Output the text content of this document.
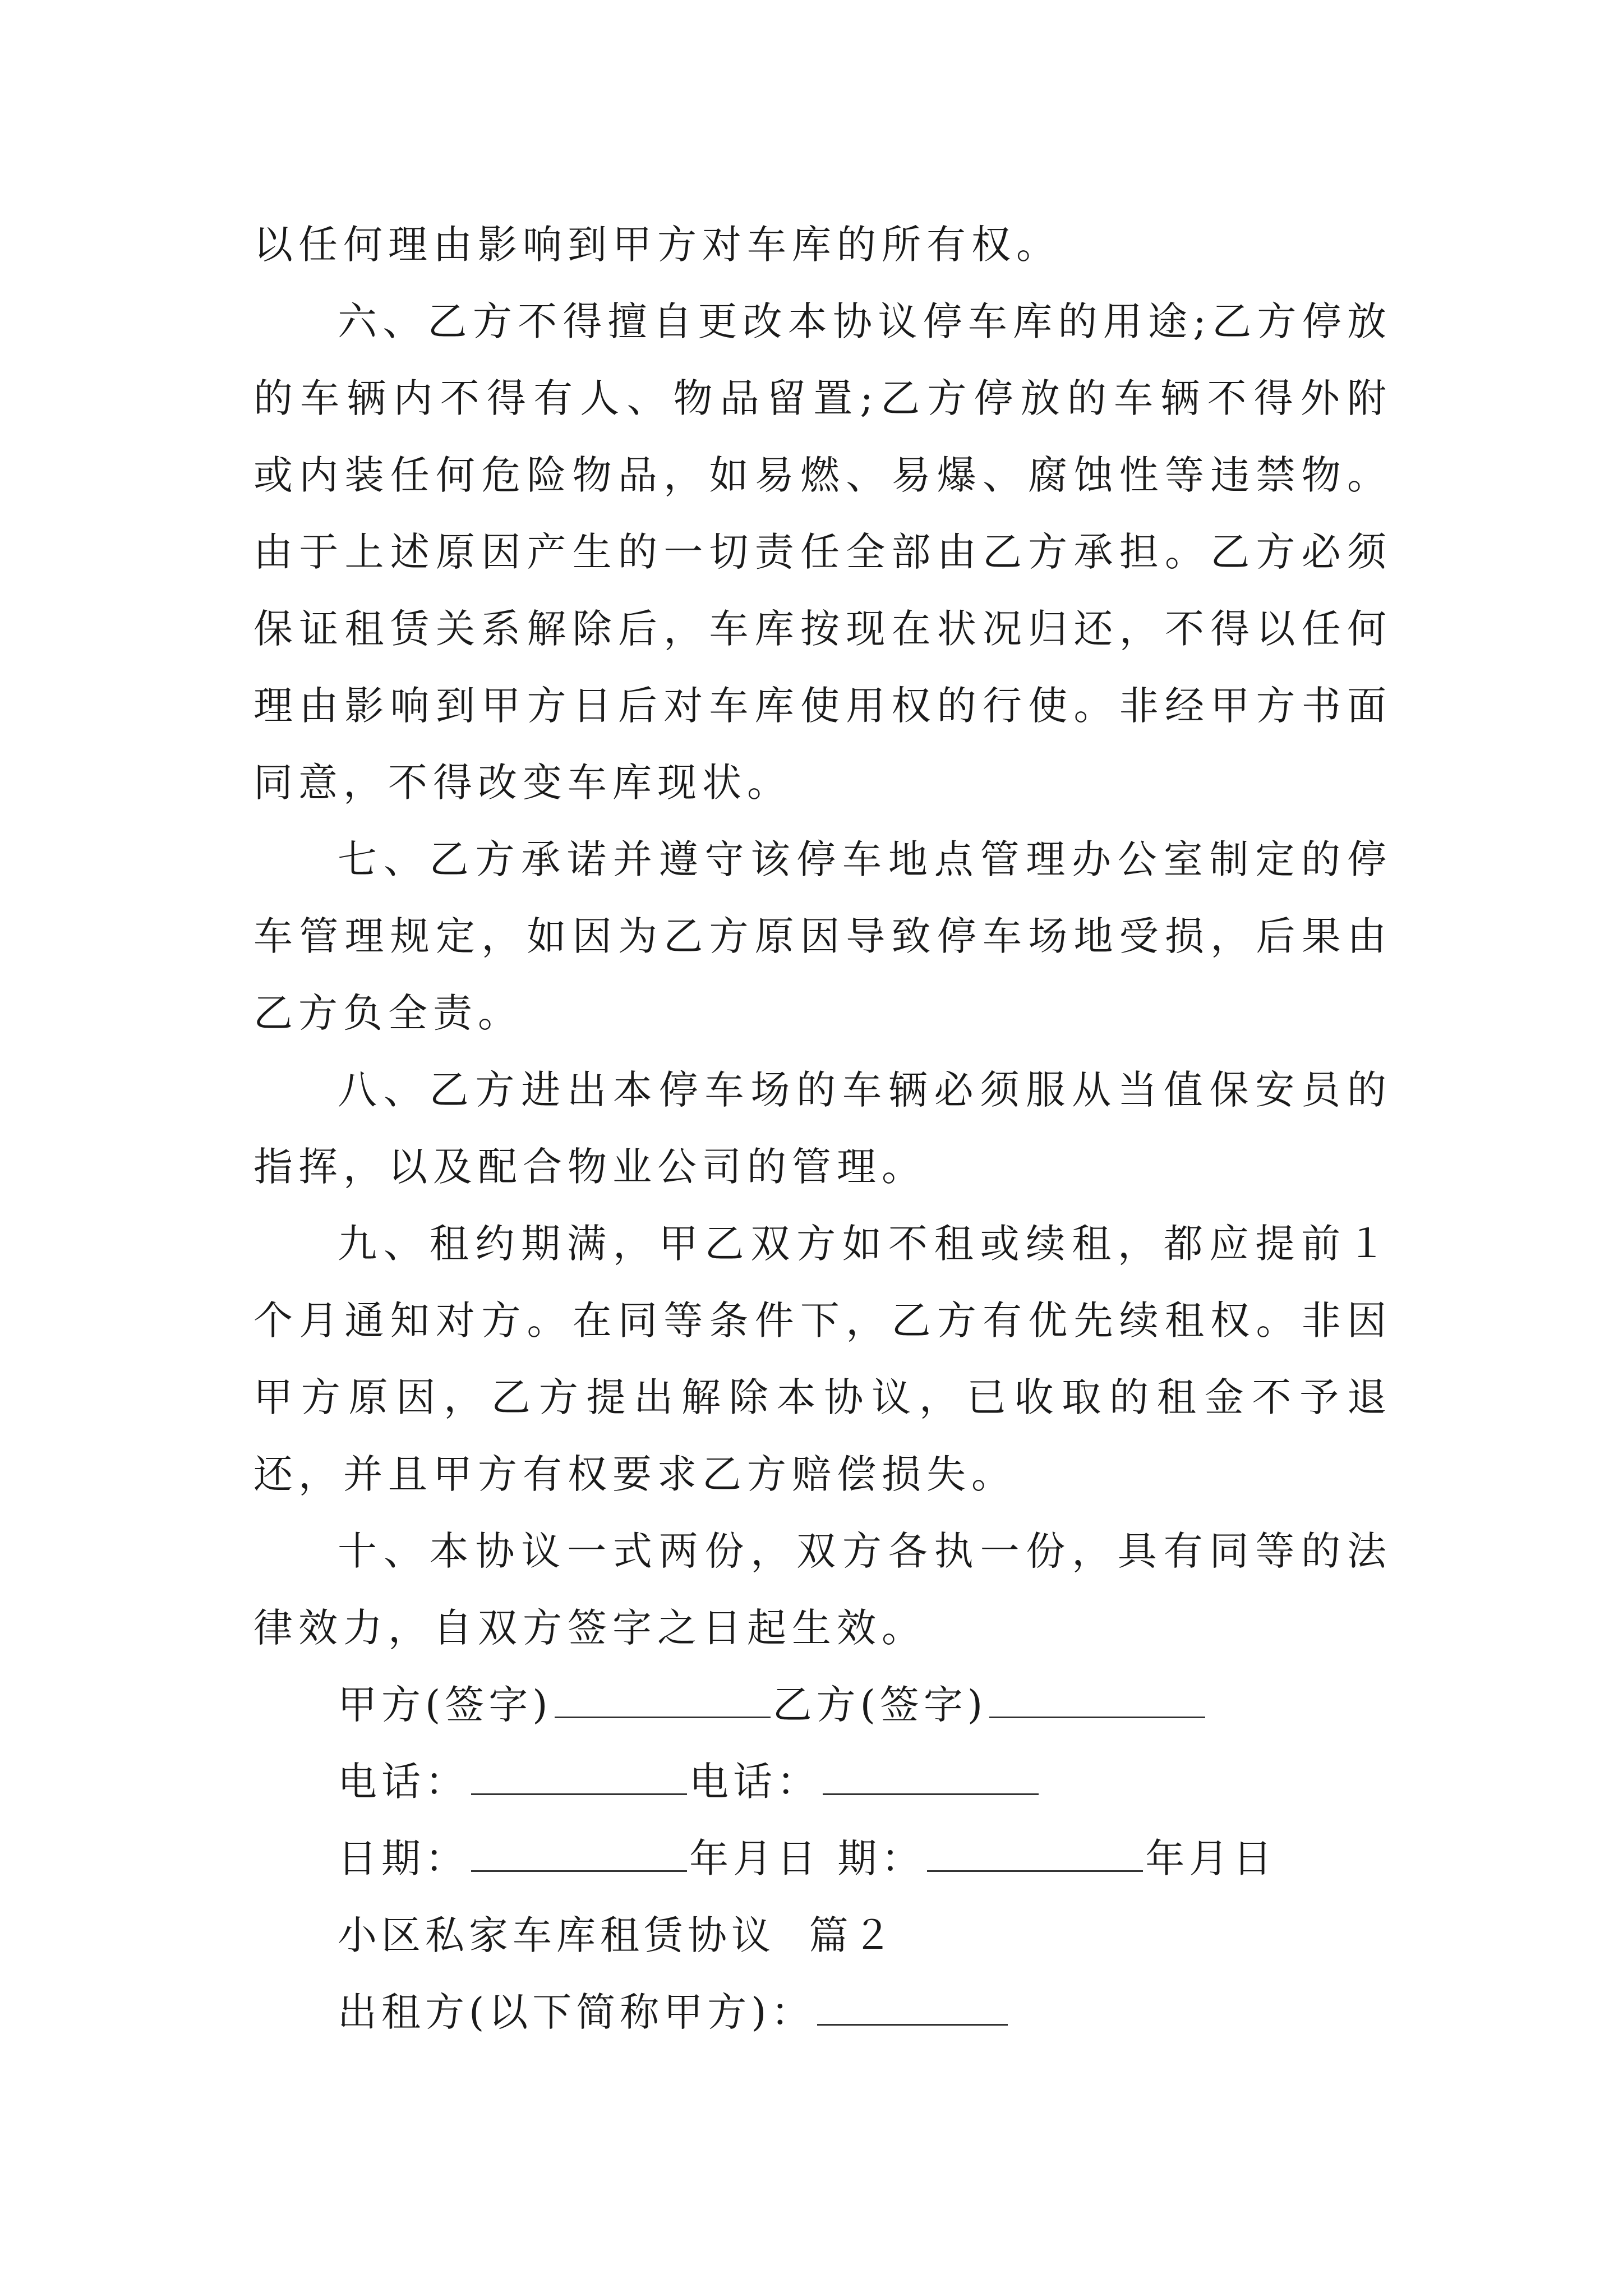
以任何理由影响到甲方对车库的所有权。

六、乙方不得擅自更改本协议停车库的用途;乙方停放的车辆内不得有人、物品留置;乙方停放的车辆不得外附或内装任何危险物品，如易燃、易爆、腐蚀性等违禁物。由于上述原因产生的一切责任全部由乙方承担。乙方必须保证租赁关系解除后，车库按现在状况归还，不得以任何理由影响到甲方日后对车库使用权的行使。非经甲方书面同意，不得改变车库现状。

七、乙方承诺并遵守该停车地点管理办公室制定的停车管理规定，如因为乙方原因导致停车场地受损，后果由乙方负全责。

八、乙方进出本停车场的车辆必须服从当值保安员的指挥，以及配合物业公司的管理。

九、租约期满，甲乙双方如不租或续租，都应提前１个月通知对方。在同等条件下，乙方有优先续租权。非因甲方原因，乙方提出解除本协议，已收取的租金不予退还，并且甲方有权要求乙方赔偿损失。

十、本协议一式两份，双方各执一份，具有同等的法律效力，自双方签字之日起生效。

甲方(签字)	乙方(签字)

电话：	电话：

日期：	年月日 期：	年月日

小区私家车库租赁协议  篇２

出租方(以下简称甲方)：
